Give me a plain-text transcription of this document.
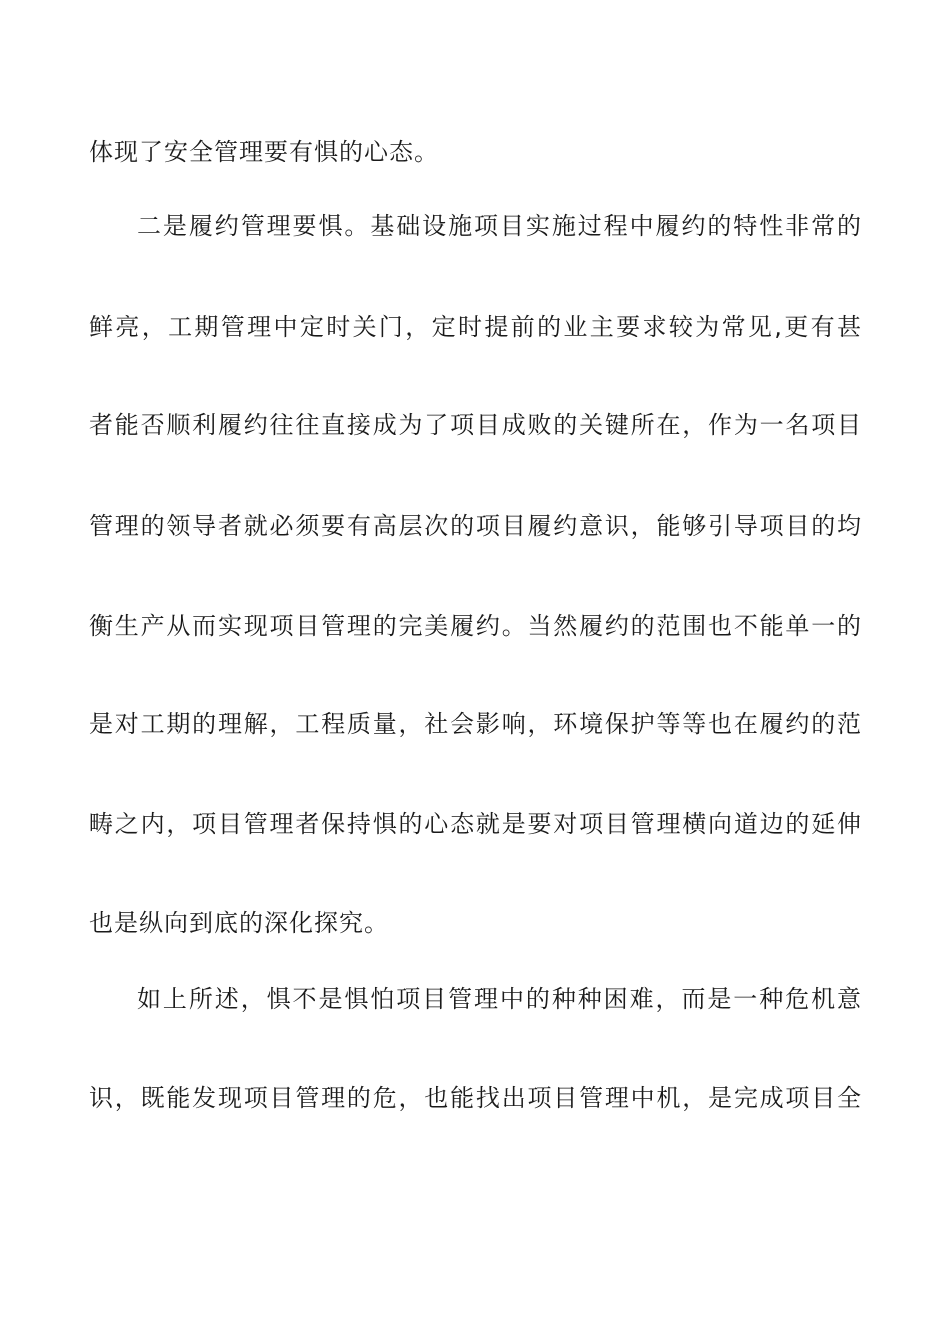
体现了安全管理要有惧的心态。
二是履约管理要惧。基础设施项目实施过程中履约的特性非常的
鲜亮，工期管理中定时关门，定时提前的业主要求较为常见,更有甚
者能否顺利履约往往直接成为了项目成败的关键所在，作为一名项目
管理的领导者就必须要有高层次的项目履约意识，能够引导项目的均
衡生产从而实现项目管理的完美履约。当然履约的范围也不能单一的
是对工期的理解，工程质量，社会影响，环境保护等等也在履约的范
畴之内，项目管理者保持惧的心态就是要对项目管理横向道边的延伸
也是纵向到底的深化探究。
如上所述，惧不是惧怕项目管理中的种种困难，而是一种危机意
识，既能发现项目管理的危，也能找出项目管理中机，是完成项目全
